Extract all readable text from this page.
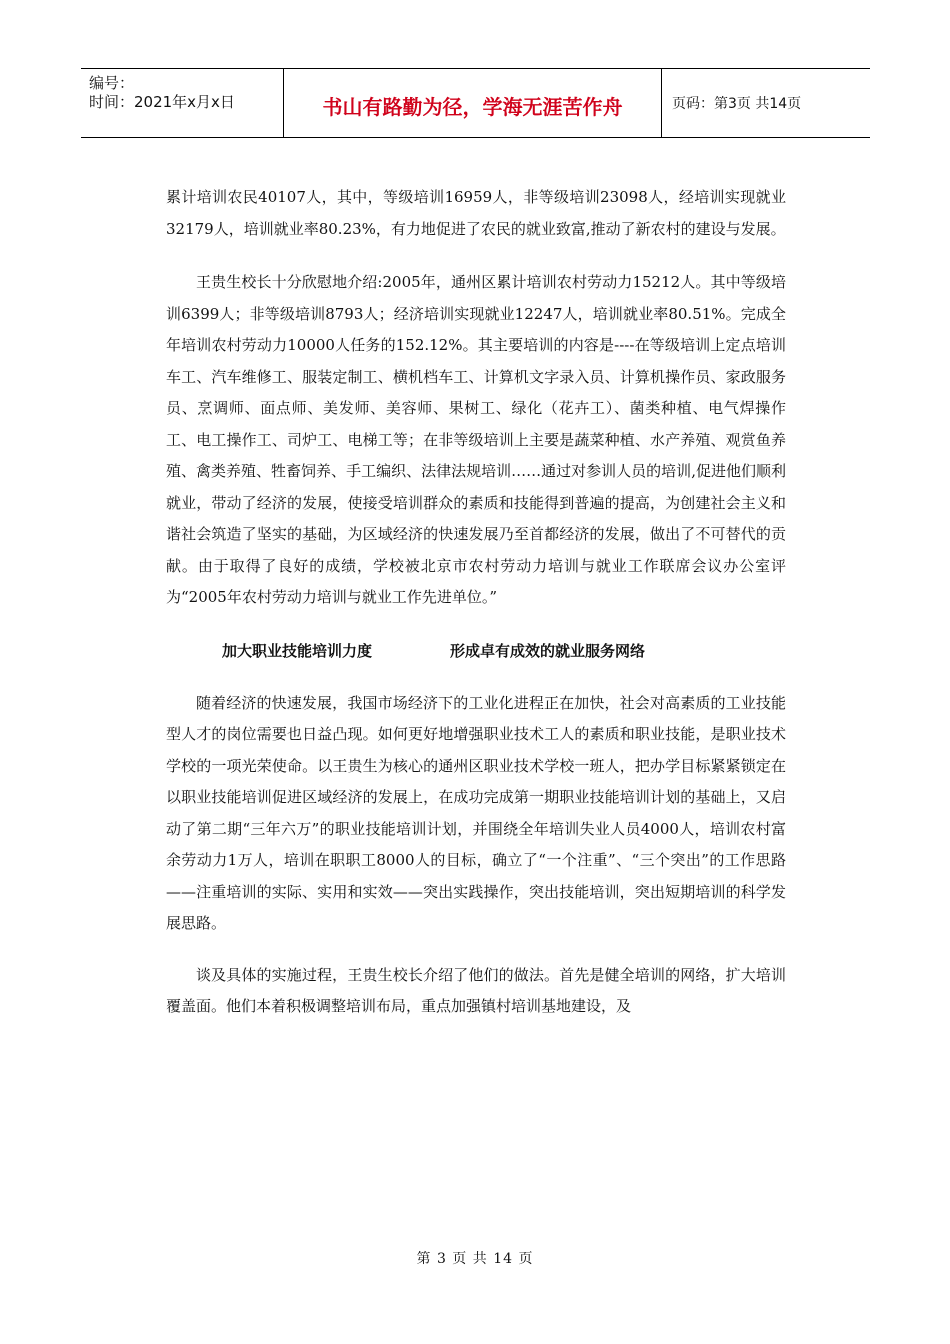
编号：
时间：2021年x月x日	书山有路勤为径，学海无涯苦作舟	页码：第3页 共14页

累计培训农民40107人，其中，等级培训16959人，非等级培训23098人，经培训实现就业32179人，培训就业率80.23%，有力地促进了农民的就业致富,推动了新农村的建设与发展。

王贵生校长十分欣慰地介绍:2005年，通州区累计培训农村劳动力15212人。其中等级培训6399人；非等级培训8793人；经济培训实现就业12247人，培训就业率80.51%。完成全年培训农村劳动力10000人任务的152.12%。其主要培训的内容是----在等级培训上定点培训车工、汽车维修工、服装定制工、横机档车工、计算机文字录入员、计算机操作员、家政服务员、烹调师、面点师、美发师、美容师、果树工、绿化（花卉工）、菌类种植、电气焊操作工、电工操作工、司炉工、电梯工等；在非等级培训上主要是蔬菜种植、水产养殖、观赏鱼养殖、禽类养殖、牲畜饲养、手工编织、法律法规培训……通过对参训人员的培训,促进他们顺利就业，带动了经济的发展，使接受培训群众的素质和技能得到普遍的提高，为创建社会主义和谐社会筑造了坚实的基础，为区域经济的快速发展乃至首都经济的发展，做出了不可替代的贡献。由于取得了良好的成绩，学校被北京市农村劳动力培训与就业工作联席会议办公室评为“2005年农村劳动力培训与就业工作先进单位。”

加大职业技能培训力度	形成卓有成效的就业服务网络

随着经济的快速发展，我国市场经济下的工业化进程正在加快，社会对高素质的工业技能型人才的岗位需要也日益凸现。如何更好地增强职业技术工人的素质和职业技能，是职业技术学校的一项光荣使命。以王贵生为核心的通州区职业技术学校一班人，把办学目标紧紧锁定在以职业技能培训促进区域经济的发展上，在成功完成第一期职业技能培训计划的基础上，又启动了第二期“三年六万”的职业技能培训计划，并围绕全年培训失业人员4000人，培训农村富余劳动力1万人，培训在职职工8000人的目标，确立了“一个注重”、“三个突出”的工作思路——注重培训的实际、实用和实效——突出实践操作，突出技能培训，突出短期培训的科学发展思路。

谈及具体的实施过程，王贵生校长介绍了他们的做法。首先是健全培训的网络，扩大培训覆盖面。他们本着积极调整培训布局，重点加强镇村培训基地建设，及

第 3 页 共 14 页
